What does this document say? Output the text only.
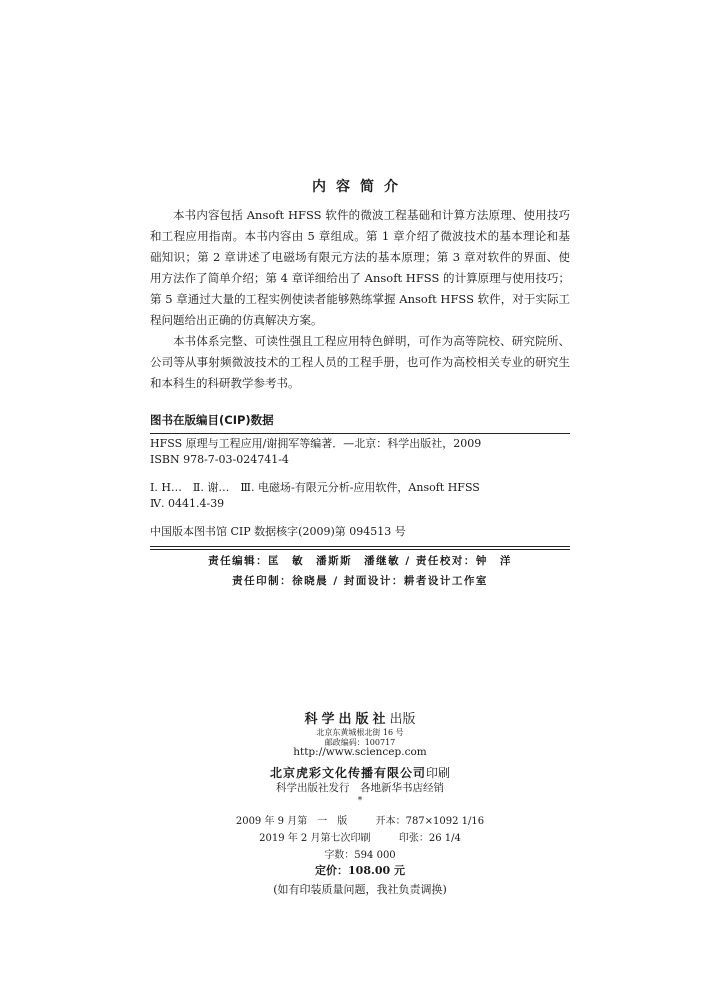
内容简介

本书内容包括 Ansoft HFSS 软件的微波工程基础和计算方法原理、使用技巧和工程应用指南。本书内容由 5 章组成。第 1 章介绍了微波技术的基本理论和基础知识；第 2 章讲述了电磁场有限元方法的基本原理；第 3 章对软件的界面、使用方法作了简单介绍；第 4 章详细给出了 Ansoft HFSS 的计算原理与使用技巧；第 5 章通过大量的工程实例使读者能够熟练掌握 Ansoft HFSS 软件，对于实际工程问题给出正确的仿真解决方案。

本书体系完整、可读性强且工程应用特色鲜明，可作为高等院校、研究院所、公司等从事射频微波技术的工程人员的工程手册，也可作为高校相关专业的研究生和本科生的科研教学参考书。

图书在版编目(CIP)数据
HFSS 原理与工程应用/谢拥军等编著．—北京：科学出版社，2009
ISBN 978-7-03-024741-4
Ⅰ. H…　Ⅱ. 谢…　Ⅲ. 电磁场-有限元分析-应用软件，Ansoft HFSS
Ⅳ. 0441.4-39
中国版本图书馆 CIP 数据核字(2009)第 094513 号
责任编辑：匡　敏　潘斯斯　潘继敏 / 责任校对：钟　洋
责任印制：徐晓晨 / 封面设计：耕者设计工作室
科学出版社出版
北京东黄城根北街 16 号
邮政编码：100717
http://www.sciencep.com
北京虎彩文化传播有限公司印刷
科学出版社发行　各地新华书店经销
*
2009 年 9 月第　一　版	开本：787×1092 1/16
2019 年 2 月第七次印刷	印张：26 1/4
字数：594 000
定价：108.00 元
(如有印装质量问题，我社负责调换)
